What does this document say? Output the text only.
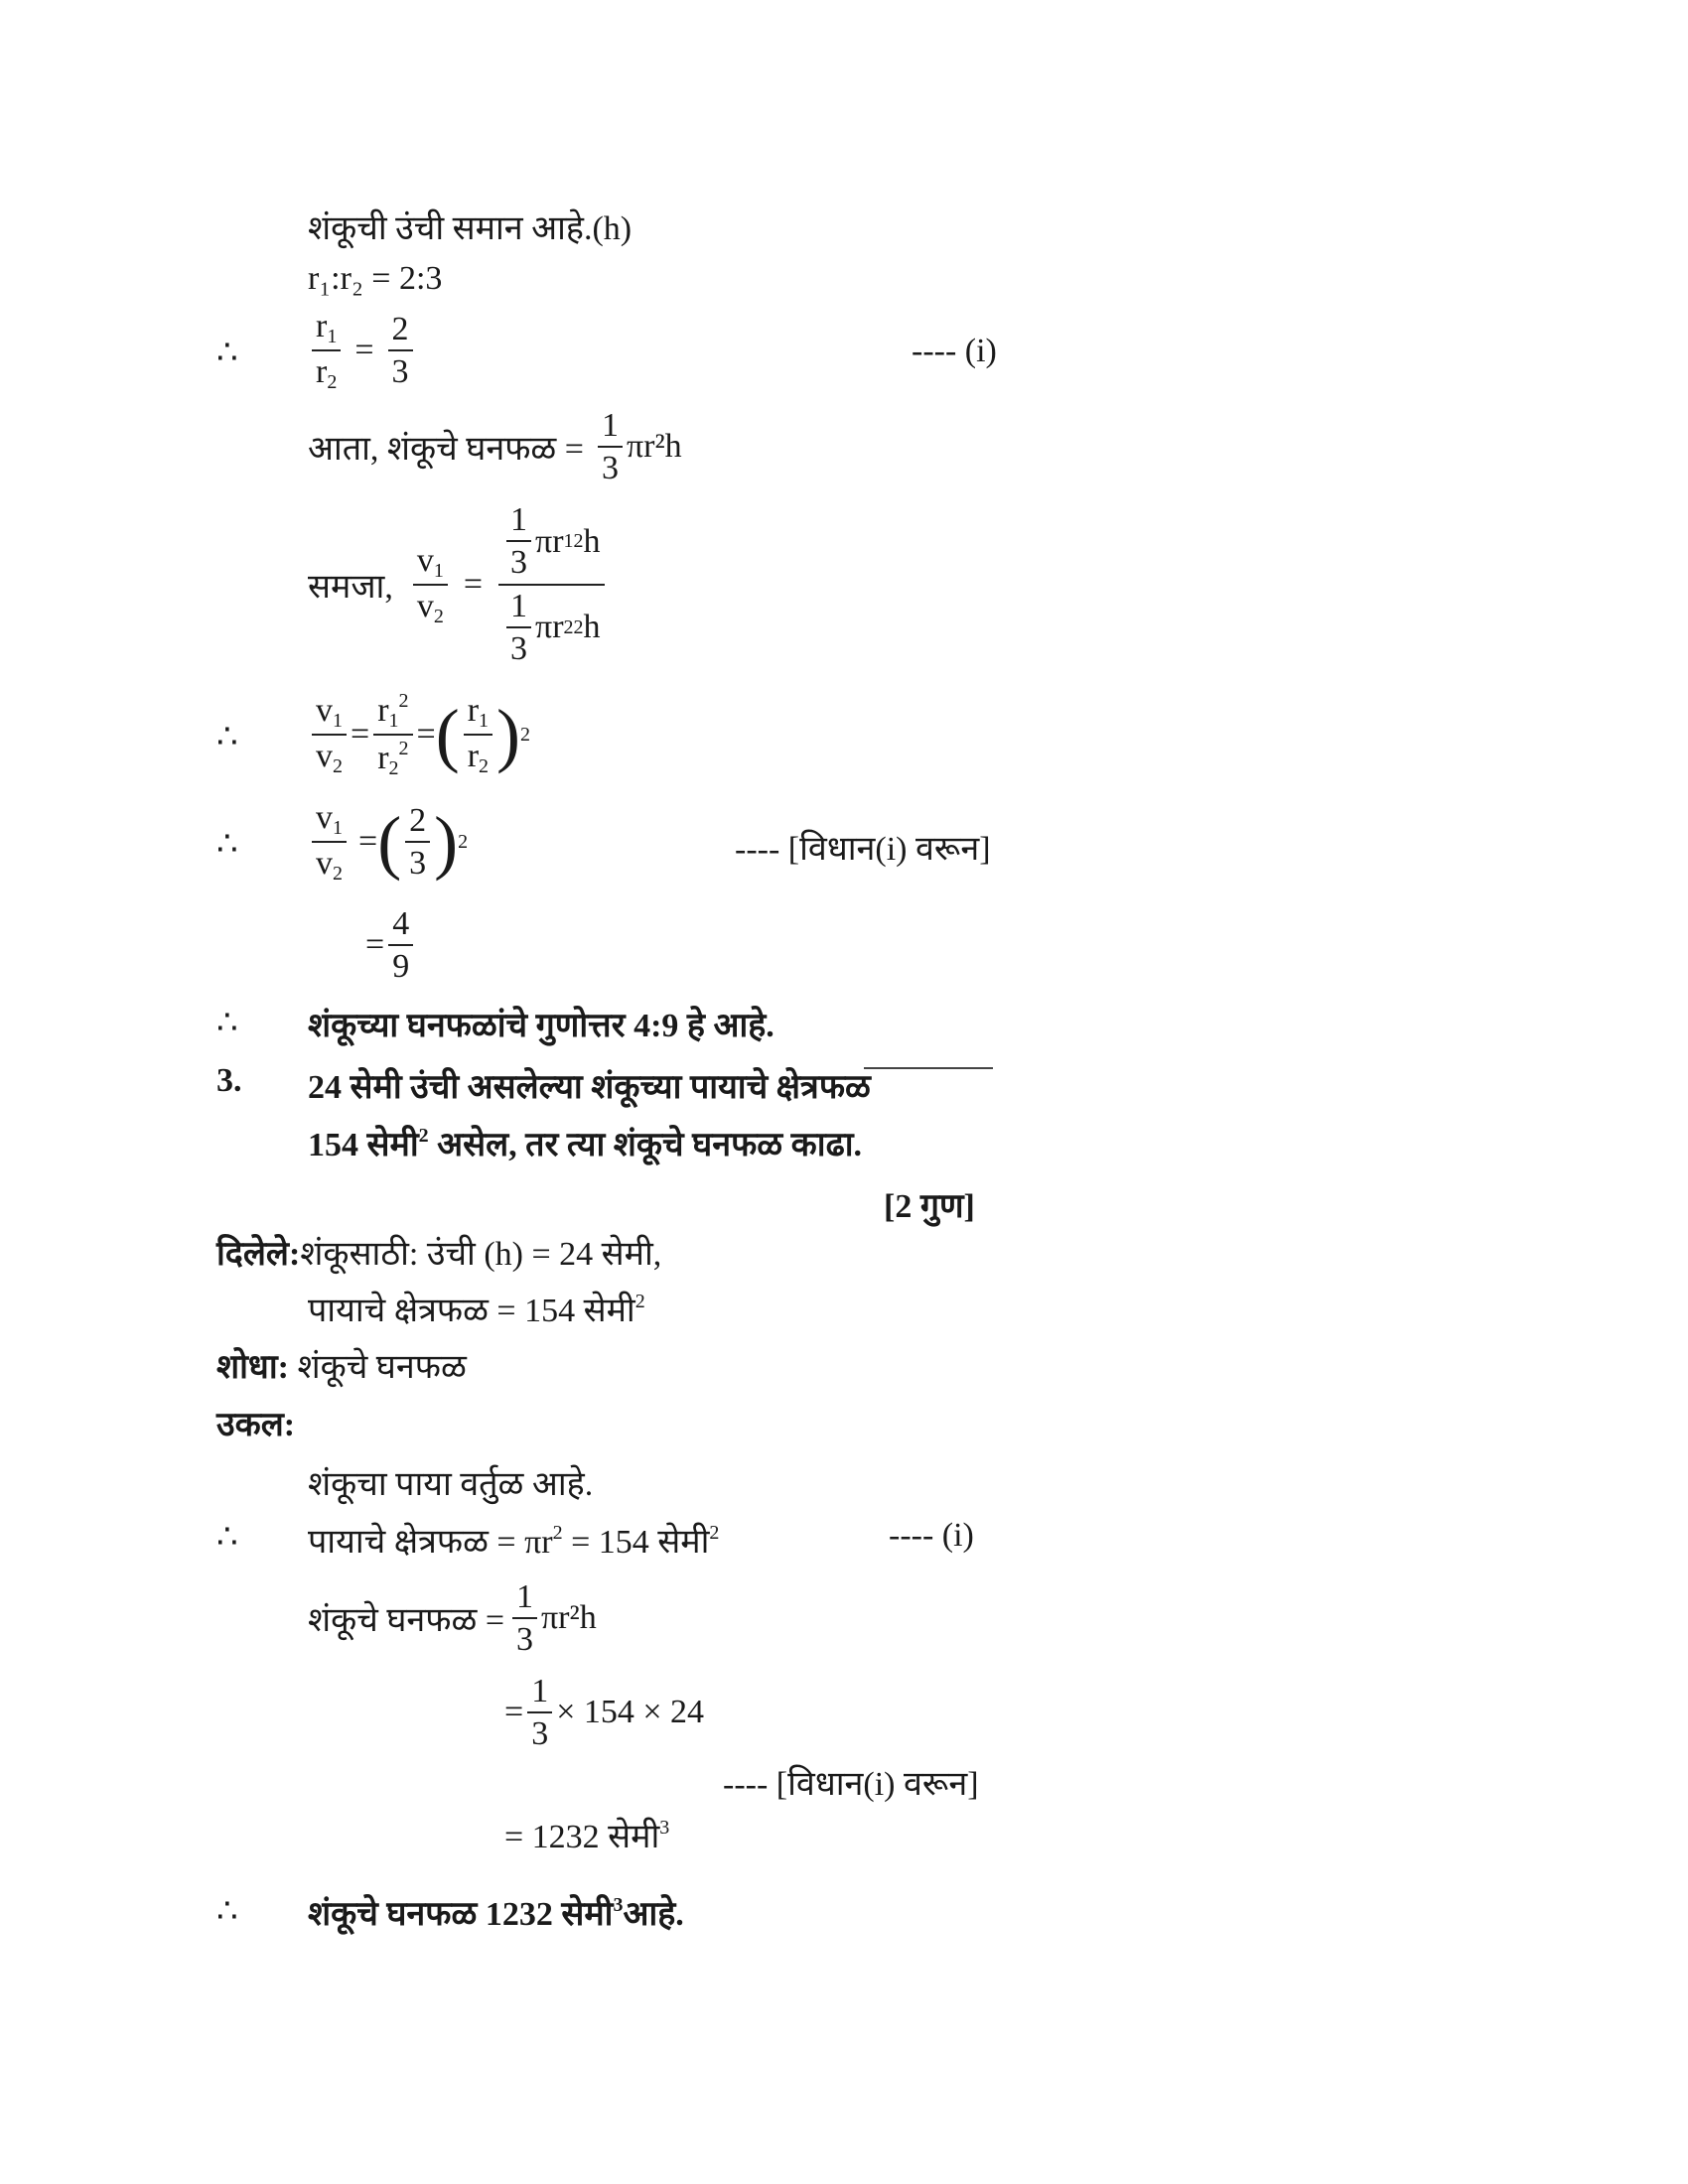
शंकूची उंची समान आहे.(h)
r₁:r₂ = 2:3
∴ $\frac{r_1}{r_2} = \frac{2}{3}$	---- (i)
आता, शंकूचे घनफळ = $\frac{1}{3} \pi r^2h$
समजा, $\frac{v_1}{v_2} = \frac{\frac{1}{3} \pi r 1 2 h}{\frac{1}{3} \pi r 2 2 h}$
∴ $\frac{v_1}{v_2} = \frac{r_1^2}{r_2^2}$ = ( $\frac{r_1}{r_2}$ ) 2
∴ $\frac{v_1}{v_2}$ = ( $\frac{2}{3}$ ) 2	---- [विधान(i) वरून]
= $\frac{4}{9}$
∴ शंकूच्या घनफळांचे गुणोत्तर 4:9 हे आहे.
3. 24 सेमी उंची असलेल्या शंकूच्या पायाचे क्षेत्रफळ
154 सेमी$^2$ असेल, तर त्या शंकूचे घनफळ काढा.
[2 गुण]
दिलेले:शंकूसाठी: उंची (h) = 24 सेमी,
पायाचे क्षेत्रफळ = 154 सेमी$^2$
शोधा: शंकूचे घनफळ
उकल:
शंकूचा पाया वर्तुळ आहे.
∴ पायाचे क्षेत्रफळ = $\pi r^2 = 154$ सेमी$^2$	---- (i)
शंकूचे घनफळ = $\frac{1}{3} \pi r^2h$
= $\frac{1}{3} \times 154 \times 24$
---- [विधान(i) वरून]
= 1232 सेमी$^3$
∴ शंकूचे घनफळ 1232 सेमी$^3$आहे.
